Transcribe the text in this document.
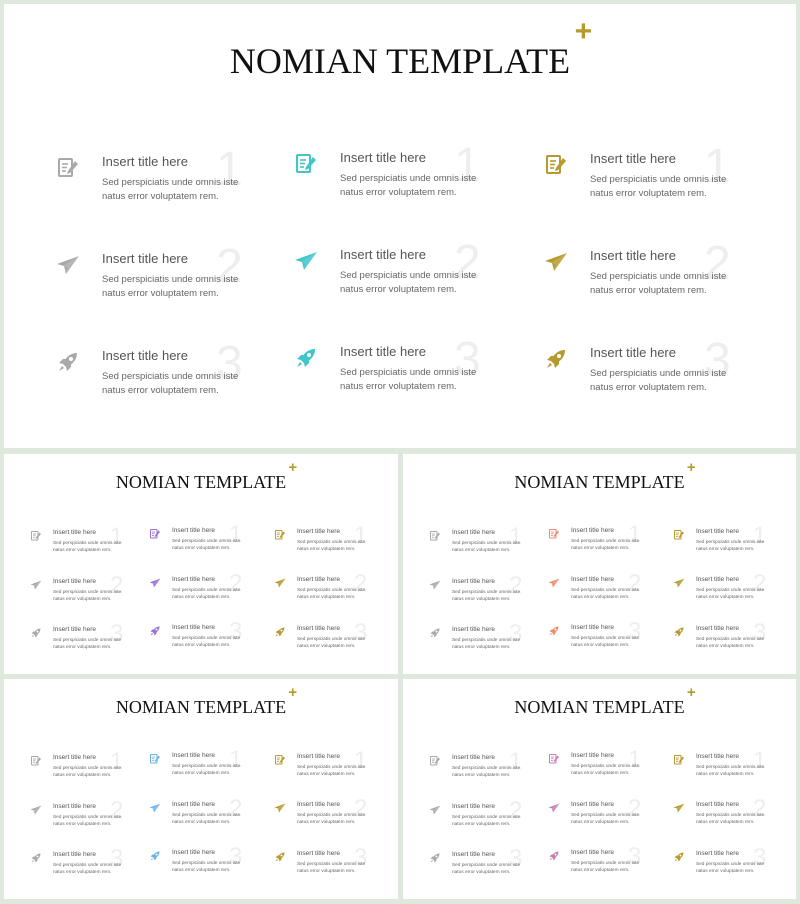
NOMIAN TEMPLATE
+
1
Insert title here
Sed perspiciatis unde omnis iste natus error voluptatem rem.
2
Insert title here
Sed perspiciatis unde omnis iste natus error voluptatem rem.
3
Insert title here
Sed perspiciatis unde omnis iste natus error voluptatem rem.
1
Insert title here
Sed perspiciatis unde omnis iste natus error voluptatem rem.
2
Insert title here
Sed perspiciatis unde omnis iste natus error voluptatem rem.
3
Insert title here
Sed perspiciatis unde omnis iste natus error voluptatem rem.
1
Insert title here
Sed perspiciatis unde omnis iste natus error voluptatem rem.
2
Insert title here
Sed perspiciatis unde omnis iste natus error voluptatem rem.
3
Insert title here
Sed perspiciatis unde omnis iste natus error voluptatem rem.
NOMIAN TEMPLATE
+
1
Insert title here
Sed perspiciatis unde omnis iste natus error voluptatem rem.
2
Insert title here
Sed perspiciatis unde omnis iste natus error voluptatem rem.
3
Insert title here
Sed perspiciatis unde omnis iste natus error voluptatem rem.
1
Insert title here
Sed perspiciatis unde omnis iste natus error voluptatem rem.
2
Insert title here
Sed perspiciatis unde omnis iste natus error voluptatem rem.
3
Insert title here
Sed perspiciatis unde omnis iste natus error voluptatem rem.
1
Insert title here
Sed perspiciatis unde omnis iste natus error voluptatem rem.
2
Insert title here
Sed perspiciatis unde omnis iste natus error voluptatem rem.
3
Insert title here
Sed perspiciatis unde omnis iste natus error voluptatem rem.
NOMIAN TEMPLATE
+
1
Insert title here
Sed perspiciatis unde omnis iste natus error voluptatem rem.
2
Insert title here
Sed perspiciatis unde omnis iste natus error voluptatem rem.
3
Insert title here
Sed perspiciatis unde omnis iste natus error voluptatem rem.
1
Insert title here
Sed perspiciatis unde omnis iste natus error voluptatem rem.
2
Insert title here
Sed perspiciatis unde omnis iste natus error voluptatem rem.
3
Insert title here
Sed perspiciatis unde omnis iste natus error voluptatem rem.
1
Insert title here
Sed perspiciatis unde omnis iste natus error voluptatem rem.
2
Insert title here
Sed perspiciatis unde omnis iste natus error voluptatem rem.
3
Insert title here
Sed perspiciatis unde omnis iste natus error voluptatem rem.
NOMIAN TEMPLATE
+
1
Insert title here
Sed perspiciatis unde omnis iste natus error voluptatem rem.
2
Insert title here
Sed perspiciatis unde omnis iste natus error voluptatem rem.
3
Insert title here
Sed perspiciatis unde omnis iste natus error voluptatem rem.
1
Insert title here
Sed perspiciatis unde omnis iste natus error voluptatem rem.
2
Insert title here
Sed perspiciatis unde omnis iste natus error voluptatem rem.
3
Insert title here
Sed perspiciatis unde omnis iste natus error voluptatem rem.
1
Insert title here
Sed perspiciatis unde omnis iste natus error voluptatem rem.
2
Insert title here
Sed perspiciatis unde omnis iste natus error voluptatem rem.
3
Insert title here
Sed perspiciatis unde omnis iste natus error voluptatem rem.
NOMIAN TEMPLATE
+
1
Insert title here
Sed perspiciatis unde omnis iste natus error voluptatem rem.
2
Insert title here
Sed perspiciatis unde omnis iste natus error voluptatem rem.
3
Insert title here
Sed perspiciatis unde omnis iste natus error voluptatem rem.
1
Insert title here
Sed perspiciatis unde omnis iste natus error voluptatem rem.
2
Insert title here
Sed perspiciatis unde omnis iste natus error voluptatem rem.
3
Insert title here
Sed perspiciatis unde omnis iste natus error voluptatem rem.
1
Insert title here
Sed perspiciatis unde omnis iste natus error voluptatem rem.
2
Insert title here
Sed perspiciatis unde omnis iste natus error voluptatem rem.
3
Insert title here
Sed perspiciatis unde omnis iste natus error voluptatem rem.
